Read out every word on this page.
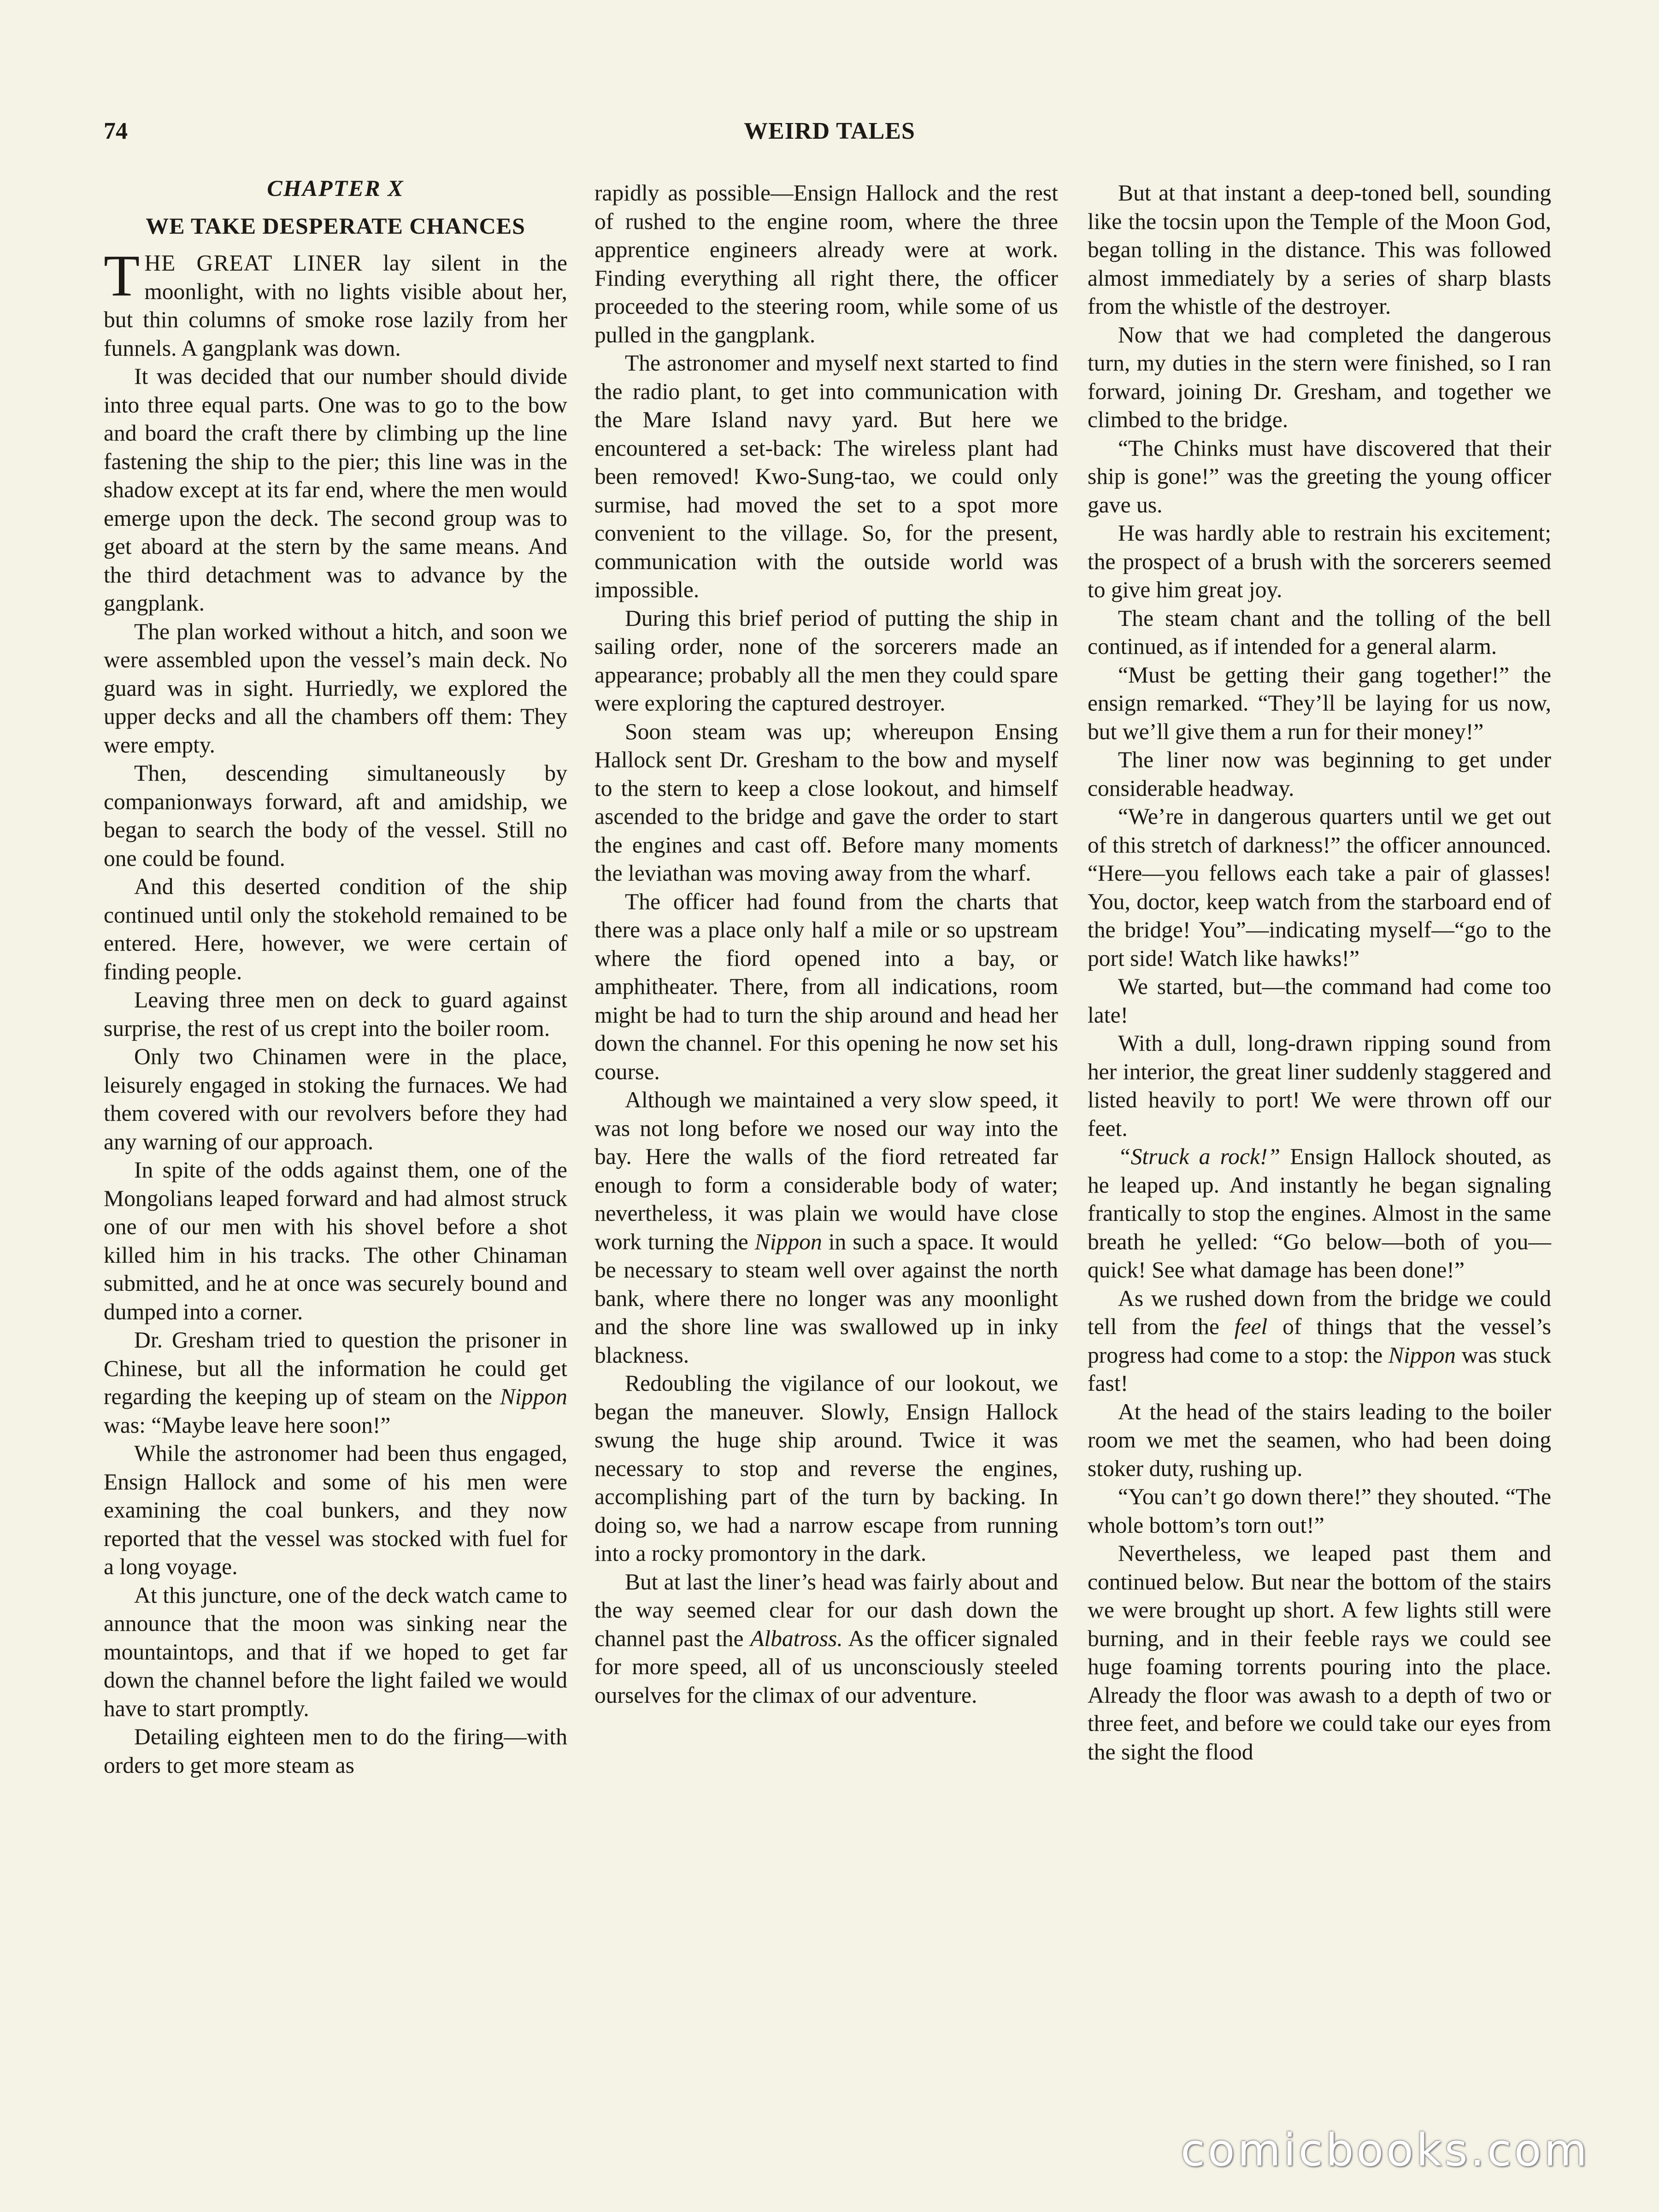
74	WEIRD TALES
CHAPTER X
WE TAKE DESPERATE CHANCES

THE GREAT LINER lay silent in the moonlight, with no lights visible about her, but thin columns of smoke rose lazily from her funnels. A gangplank was down.

It was decided that our number should divide into three equal parts. One was to go to the bow and board the craft there by climbing up the line fastening the ship to the pier; this line was in the shadow except at its far end, where the men would emerge upon the deck. The second group was to get aboard at the stern by the same means. And the third detachment was to advance by the gangplank.

The plan worked without a hitch, and soon we were assembled upon the vessel’s main deck. No guard was in sight. Hurriedly, we explored the upper decks and all the chambers off them: They were empty.

Then, descending simultaneously by companionways forward, aft and amidship, we began to search the body of the vessel. Still no one could be found.

And this deserted condition of the ship continued until only the stokehold remained to be entered. Here, however, we were certain of finding people.

Leaving three men on deck to guard against surprise, the rest of us crept into the boiler room.

Only two Chinamen were in the place, leisurely engaged in stoking the furnaces. We had them covered with our revolvers before they had any warning of our approach.

In spite of the odds against them, one of the Mongolians leaped forward and had almost struck one of our men with his shovel before a shot killed him in his tracks. The other Chinaman submitted, and he at once was securely bound and dumped into a corner.

Dr. Gresham tried to question the prisoner in Chinese, but all the information he could get regarding the keeping up of steam on the Nippon was: “Maybe leave here soon!”

While the astronomer had been thus engaged, Ensign Hallock and some of his men were examining the coal bunkers, and they now reported that the vessel was stocked with fuel for a long voyage.

At this juncture, one of the deck watch came to announce that the moon was sinking near the mountaintops, and that if we hoped to get far down the channel before the light failed we would have to start promptly.

Detailing eighteen men to do the firing—with orders to get more steam as

rapidly as possible—Ensign Hallock and the rest of rushed to the engine room, where the three apprentice engineers already were at work. Finding everything all right there, the officer proceeded to the steering room, while some of us pulled in the gangplank.

The astronomer and myself next started to find the radio plant, to get into communication with the Mare Island navy yard. But here we encountered a set-back: The wireless plant had been removed! Kwo-Sung-tao, we could only surmise, had moved the set to a spot more convenient to the village. So, for the present, communication with the outside world was impossible.

During this brief period of putting the ship in sailing order, none of the sorcerers made an appearance; probably all the men they could spare were exploring the captured destroyer.

Soon steam was up; whereupon Ensing Hallock sent Dr. Gresham to the bow and myself to the stern to keep a close lookout, and himself ascended to the bridge and gave the order to start the engines and cast off. Before many moments the leviathan was moving away from the wharf.

The officer had found from the charts that there was a place only half a mile or so upstream where the fiord opened into a bay, or amphitheater. There, from all indications, room might be had to turn the ship around and head her down the channel. For this opening he now set his course.

Although we maintained a very slow speed, it was not long before we nosed our way into the bay. Here the walls of the fiord retreated far enough to form a considerable body of water; nevertheless, it was plain we would have close work turning the Nippon in such a space. It would be necessary to steam well over against the north bank, where there no longer was any moonlight and the shore line was swallowed up in inky blackness.

Redoubling the vigilance of our lookout, we began the maneuver. Slowly, Ensign Hallock swung the huge ship around. Twice it was necessary to stop and reverse the engines, accomplishing part of the turn by backing. In doing so, we had a narrow escape from running into a rocky promontory in the dark.

But at last the liner’s head was fairly about and the way seemed clear for our dash down the channel past the Albatross. As the officer signaled for more speed, all of us unconsciously steeled ourselves for the climax of our adventure.

But at that instant a deep-toned bell, sounding like the tocsin upon the Temple of the Moon God, began tolling in the distance. This was followed almost immediately by a series of sharp blasts from the whistle of the destroyer.

Now that we had completed the dangerous turn, my duties in the stern were finished, so I ran forward, joining Dr. Gresham, and together we climbed to the bridge.

“The Chinks must have discovered that their ship is gone!” was the greeting the young officer gave us.

He was hardly able to restrain his excitement; the prospect of a brush with the sorcerers seemed to give him great joy.

The steam chant and the tolling of the bell continued, as if intended for a general alarm.

“Must be getting their gang together!” the ensign remarked. “They’ll be laying for us now, but we’ll give them a run for their money!”

The liner now was beginning to get under considerable headway.

“We’re in dangerous quarters until we get out of this stretch of darkness!” the officer announced. “Here—you fellows each take a pair of glasses! You, doctor, keep watch from the starboard end of the bridge! You”—indicating myself—“go to the port side! Watch like hawks!”

We started, but—the command had come too late!

With a dull, long-drawn ripping sound from her interior, the great liner suddenly staggered and listed heavily to port! We were thrown off our feet.

“Struck a rock!” Ensign Hallock shouted, as he leaped up. And instantly he began signaling frantically to stop the engines. Almost in the same breath he yelled: “Go below—both of you—quick! See what damage has been done!”

As we rushed down from the bridge we could tell from the feel of things that the vessel’s progress had come to a stop: the Nippon was stuck fast!

At the head of the stairs leading to the boiler room we met the seamen, who had been doing stoker duty, rushing up.

“You can’t go down there!” they shouted. “The whole bottom’s torn out!”

Nevertheless, we leaped past them and continued below. But near the bottom of the stairs we were brought up short. A few lights still were burning, and in their feeble rays we could see huge foaming torrents pouring into the place. Already the floor was awash to a depth of two or three feet, and before we could take our eyes from the sight the flood

comicbooks.com
